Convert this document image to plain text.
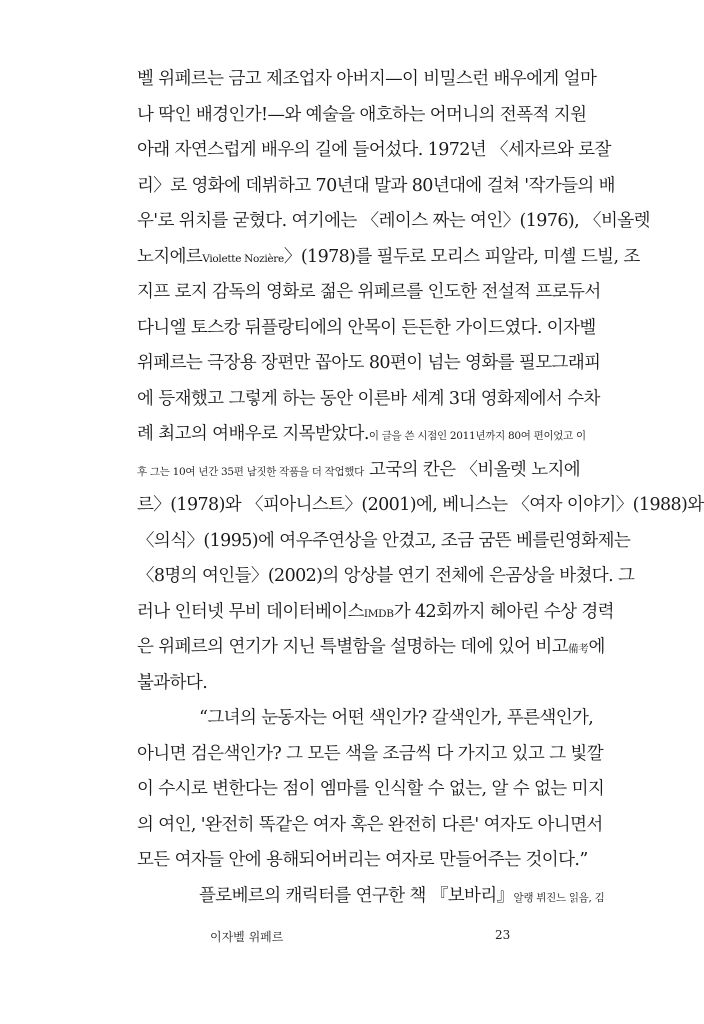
벨 위페르는 금고 제조업자 아버지—이 비밀스런 배우에게 얼마
나 딱인 배경인가!—와 예술을 애호하는 어머니의 전폭적 지원
아래 자연스럽게 배우의 길에 들어섰다. 1972년 〈세자르와 로잘
리〉로 영화에 데뷔하고 70년대 말과 80년대에 걸쳐 '작가들의 배
우'로 위치를 굳혔다. 여기에는 〈레이스 짜는 여인〉(1976), 〈비올렛
노지에르Violette Nozière〉(1978)를 필두로 모리스 피알라, 미셸 드빌, 조
지프 로지 감독의 영화로 젊은 위페르를 인도한 전설적 프로듀서
다니엘 토스캉 뒤플랑티에의 안목이 든든한 가이드였다. 이자벨
위페르는 극장용 장편만 꼽아도 80편이 넘는 영화를 필모그래피
에 등재했고 그렇게 하는 동안 이른바 세계 3대 영화제에서 수차
례 최고의 여배우로 지목받았다.이 글을 쓴 시점인 2011년까지 80여 편이었고 이
후 그는 10여 년간 35편 남짓한 작품을 더 작업했다 고국의 칸은 〈비올렛 노지에
르〉(1978)와 〈피아니스트〉(2001)에, 베니스는 〈여자 이야기〉(1988)와
〈의식〉(1995)에 여우주연상을 안겼고, 조금 굼뜬 베를린영화제는
〈8명의 여인들〉(2002)의 앙상블 연기 전체에 은곰상을 바쳤다. 그
러나 인터넷 무비 데이터베이스IMDB가 42회까지 헤아린 수상 경력
은 위페르의 연기가 지닌 특별함을 설명하는 데에 있어 비고備考에
불과하다.
“그녀의 눈동자는 어떤 색인가? 갈색인가, 푸른색인가,
아니면 검은색인가? 그 모든 색을 조금씩 다 가지고 있고 그 빛깔
이 수시로 변한다는 점이 엠마를 인식할 수 없는, 알 수 없는 미지
의 여인, '완전히 똑같은 여자 혹은 완전히 다른' 여자도 아니면서
모든 여자들 안에 용해되어버리는 여자로 만들어주는 것이다.”
플로베르의 캐릭터를 연구한 책 『보바리』알랭 뷔진느 읽음, 김
이자벨 위페르	23
